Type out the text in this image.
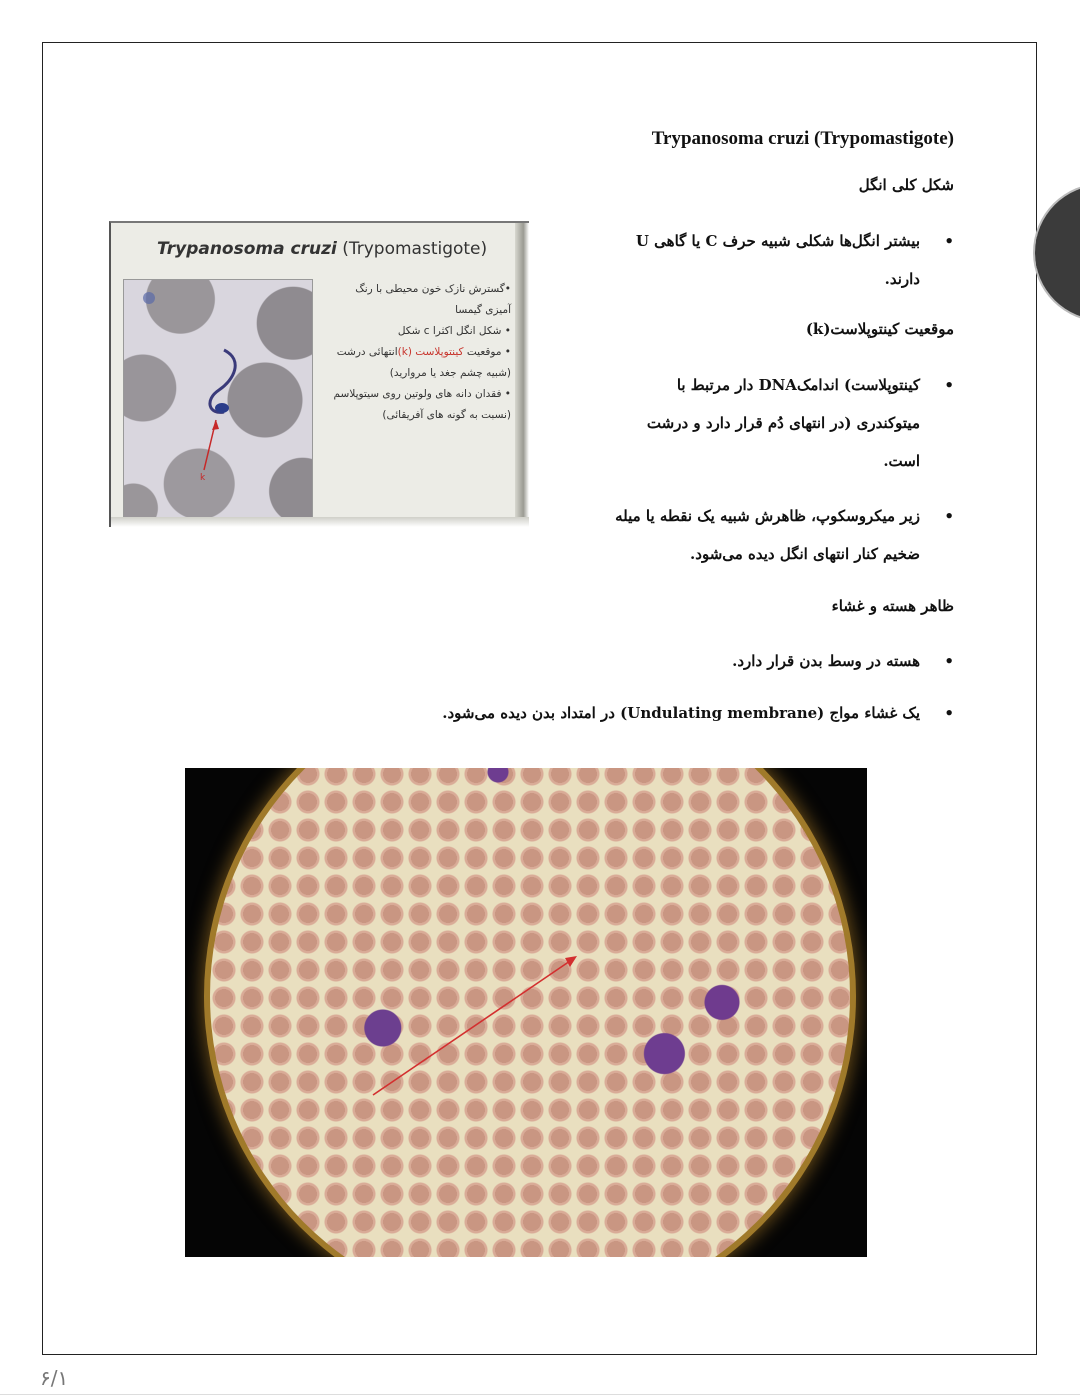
Trypanosoma cruzi (Trypomastigote)
شکل کلی انگل
• بیشتر انگل‌ها شکلی شبیه حرف C یا گاهی U
دارند.
موقعیت کینتوپلاست(k)
• کینتوپلاست) اندامکDNA دار مرتبط با
میتوکندری (در انتهای دُم قرار دارد و درشت
است.
• زیر میکروسکوپ، ظاهرش شبیه یک نقطه یا میله
ضخیم کنار انتهای انگل دیده می‌شود.
ظاهر هسته و غشاء
• هسته در وسط بدن قرار دارد.
• یک غشاء مواج (Undulating membrane) در امتداد بدن دیده می‌شود.
Trypanosoma cruzi (Trypomastigote)
k
•گسترش نازک خون محیطی با رنگ
آمیزی گیمسا
• شکل انگل اکثرا c شکل
• موقعیت کینتوپلاست (k)انتهائی درشت
(شبیه چشم جغد یا مروارید)
• فقدان دانه های ولوتین روی سیتوپلاسم
(نسبت به گونه های آفریقائی)
۶/۱
